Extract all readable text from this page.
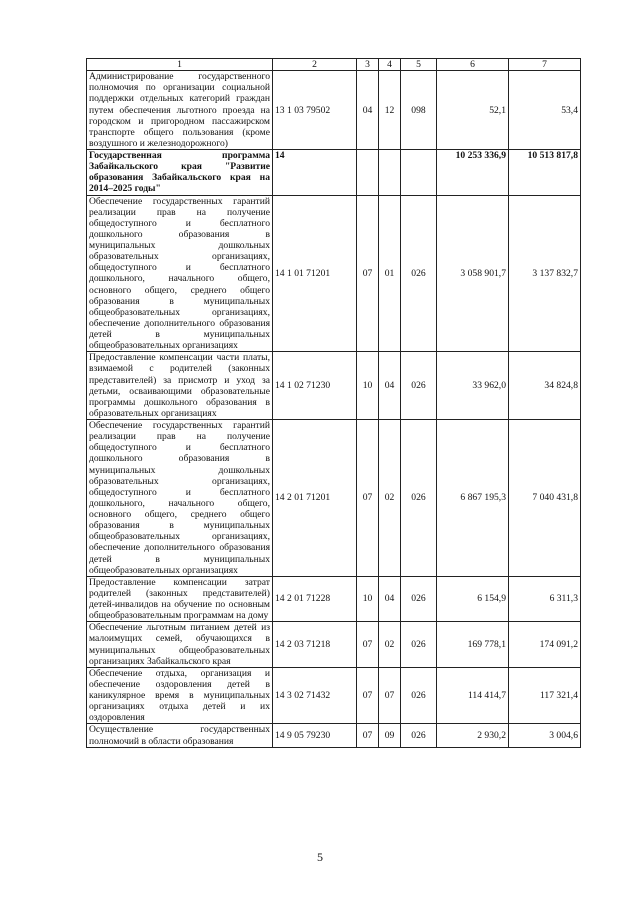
1	2	3	4	5	6	7
Администрирование государственного полномочия по организации социальной поддержки отдельных категорий граждан путем обеспечения льготного проезда на городском и пригородном пассажирском транспорте общего пользования (кроме воздушного и железнодорожного)	13 1 03 79502	04	12	098	52,1	53,4
Государственная программа Забайкальского края "Развитие образования Забайкальского края на 2014–2025 годы"	14				10 253 336,9	10 513 817,8
Обеспечение государственных гарантий реализации прав на получение общедоступного и бесплатного дошкольного образования в муниципальных дошкольных образовательных организациях, общедоступного и бесплатного дошкольного, начального общего, основного общего, среднего общего образования в муниципальных общеобразовательных организациях, обеспечение дополнительного образования детей в муниципальных общеобразовательных организациях	14 1 01 71201	07	01	026	3 058 901,7	3 137 832,7
Предоставление компенсации части платы, взимаемой с родителей (законных представителей) за присмотр и уход за детьми, осваивающими образовательные программы дошкольного образования в образовательных организациях	14 1 02 71230	10	04	026	33 962,0	34 824,8
Обеспечение государственных гарантий реализации прав на получение общедоступного и бесплатного дошкольного образования в муниципальных дошкольных образовательных организациях, общедоступного и бесплатного дошкольного, начального общего, основного общего, среднего общего образования в муниципальных общеобразовательных организациях, обеспечение дополнительного образования детей в муниципальных общеобразовательных организациях	14 2 01 71201	07	02	026	6 867 195,3	7 040 431,8
Предоставление компенсации затрат родителей (законных представителей) детей-инвалидов на обучение по основным общеобразовательным программам на дому	14 2 01 71228	10	04	026	6 154,9	6 311,3
Обеспечение льготным питанием детей из малоимущих семей, обучающихся в муниципальных общеобразовательных организациях Забайкальского края	14 2 03 71218	07	02	026	169 778,1	174 091,2
Обеспечение отдыха, организация и обеспечение оздоровления детей в каникулярное время в муниципальных организациях отдыха детей и их оздоровления	14 3 02 71432	07	07	026	114 414,7	117 321,4
Осуществление государственных полномочий в области образования	14 9 05 79230	07	09	026	2 930,2	3 004,6
5
